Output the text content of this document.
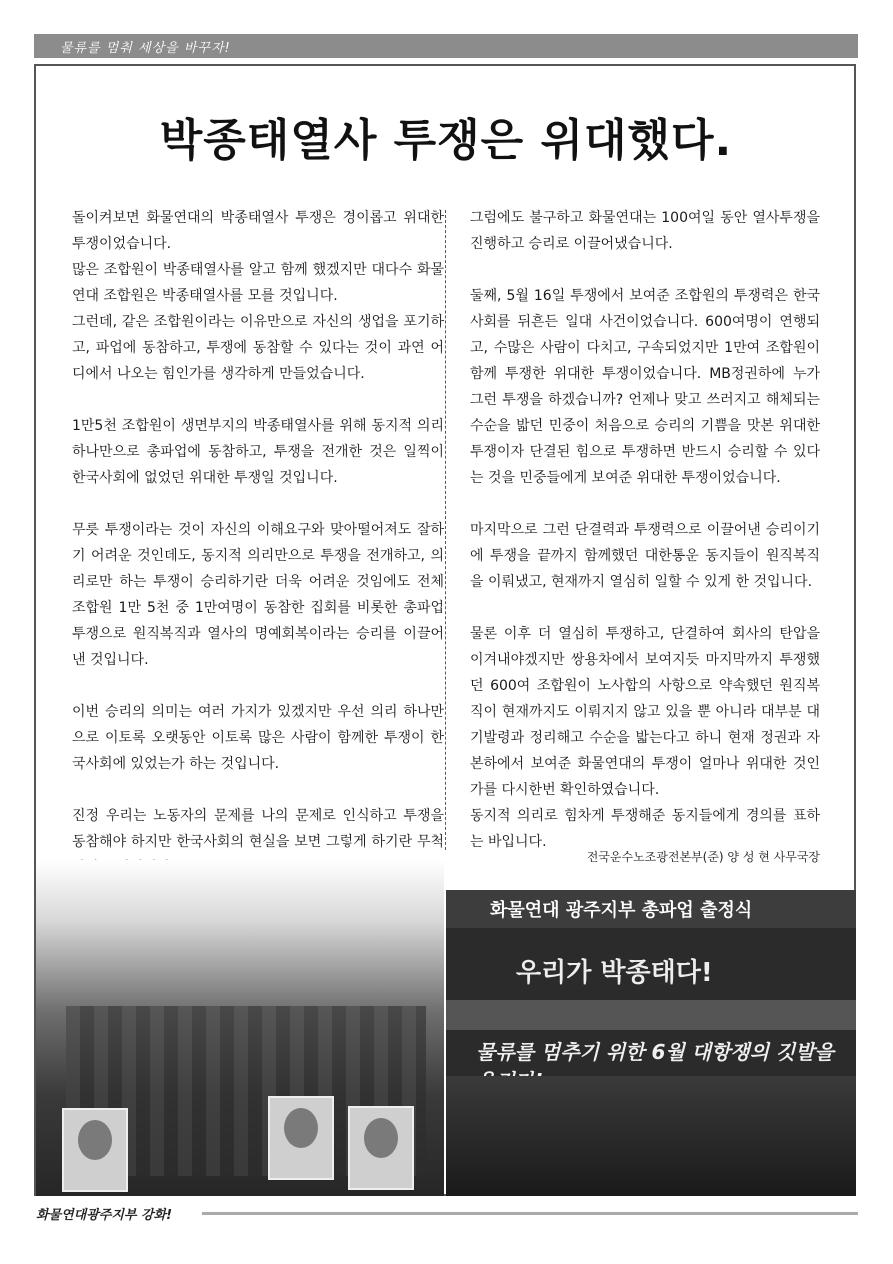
물류를 멈춰 세상을 바꾸자!
박종태열사 투쟁은 위대했다.

돌이켜보면 화물연대의 박종태열사 투쟁은 경이롭고 위대한 투쟁이었습니다.

많은 조합원이 박종태열사를 알고 함께 했겠지만 대다수 화물연대 조합원은 박종태열사를 모를 것입니다.

그런데, 같은 조합원이라는 이유만으로 자신의 생업을 포기하고, 파업에 동참하고, 투쟁에 동참할 수 있다는 것이 과연 어디에서 나오는 힘인가를 생각하게 만들었습니다.

1만5천 조합원이 생면부지의 박종태열사를 위해 동지적 의리 하나만으로 총파업에 동참하고, 투쟁을 전개한 것은 일찍이 한국사회에 없었던 위대한 투쟁일 것입니다.

무릇 투쟁이라는 것이 자신의 이해요구와 맞아떨어져도 잘하기 어려운 것인데도, 동지적 의리만으로 투쟁을 전개하고, 의리로만 하는 투쟁이 승리하기란 더욱 어려운 것임에도 전체 조합원 1만 5천 중 1만여명이 동참한 집회를 비롯한 총파업 투쟁으로 원직복직과 열사의 명예회복이라는 승리를 이끌어낸 것입니다.

이번 승리의 의미는 여러 가지가 있겠지만 우선 의리 하나만으로 이토록 오랫동안 이토록 많은 사람이 함께한 투쟁이 한국사회에 있었는가 하는 것입니다.

진정 우리는 노동자의 문제를 나의 문제로 인식하고 투쟁을 동참해야 하지만 한국사회의 현실을 보면 그렇게 하기란 무척

그럼에도 불구하고 화물연대는 100여일 동안 열사투쟁을 진행하고 승리로 이끌어냈습니다.

둘째, 5월 16일 투쟁에서 보여준 조합원의 투쟁력은 한국사회를 뒤흔든 일대 사건이었습니다. 600여명이 연행되고, 수많은 사람이 다치고, 구속되었지만 1만여 조합원이 함께 투쟁한 위대한 투쟁이었습니다. MB정권하에 누가 그런 투쟁을 하겠습니까? 언제나 맞고 쓰러지고 해체되는 수순을 밟던 민중이 처음으로 승리의 기쁨을 맛본 위대한 투쟁이자 단결된 힘으로 투쟁하면 반드시 승리할 수 있다는 것을 민중들에게 보여준 위대한 투쟁이었습니다.

마지막으로 그런 단결력과 투쟁력으로 이끌어낸 승리이기에 투쟁을 끝까지 함께했던 대한통운 동지들이 원직복직을 이뤄냈고, 현재까지 열심히 일할 수 있게 한 것입니다.

물론 이후 더 열심히 투쟁하고, 단결하여 회사의 탄압을 이겨내야겠지만 쌍용차에서 보여지듯 마지막까지 투쟁했던 600여 조합원이 노사합의 사항으로 약속했던 원직복직이 현재까지도 이뤄지지 않고 있을 뿐 아니라 대부분 대기발령과 정리해고 수순을 밟는다고 하니 현재 정권과 자본하에서 보여준 화물연대의 투쟁이 얼마나 위대한 것인가를 다시한번 확인하였습니다.

동지적 의리로 힘차게 투쟁해준 동지들에게 경의를 표하는 바입니다.

전국운수노조광전본부(준) 양 성 현 사무국장
화물연대 광주지부 총파업 출정식
우리가 박종태다!
물류를 멈추기 위한 6월 대항쟁의 깃발을
화물연대광주지부 강화!
